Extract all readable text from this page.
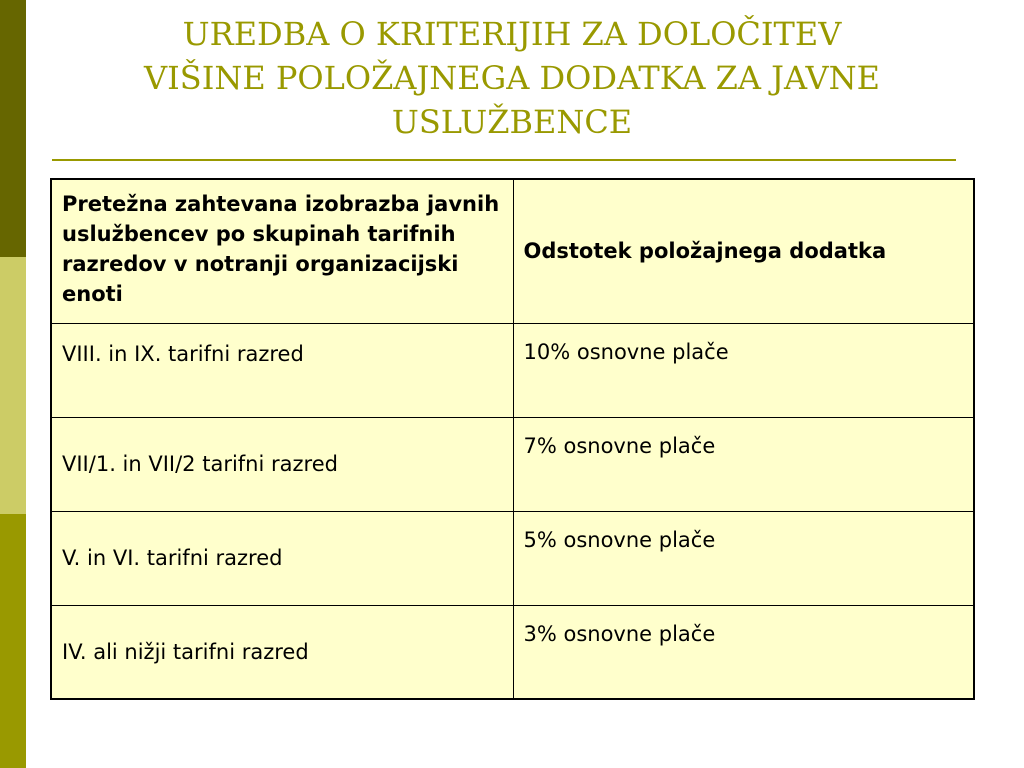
UREDBA O KRITERIJIH ZA DOLOČITEV
VIŠINE POLOŽAJNEGA DODATKA ZA JAVNE
USLUŽBENCE
Pretežna zahtevana izobrazba javnih uslužbencev po skupinah tarifnih razredov v notranji organizacijski enoti	Odstotek položajnega dodatka
VIII. in IX. tarifni razred	10% osnovne plače
VII/1. in VII/2 tarifni razred	7% osnovne plače
V. in VI. tarifni razred	5% osnovne plače
IV. ali nižji tarifni razred	3% osnovne plače
